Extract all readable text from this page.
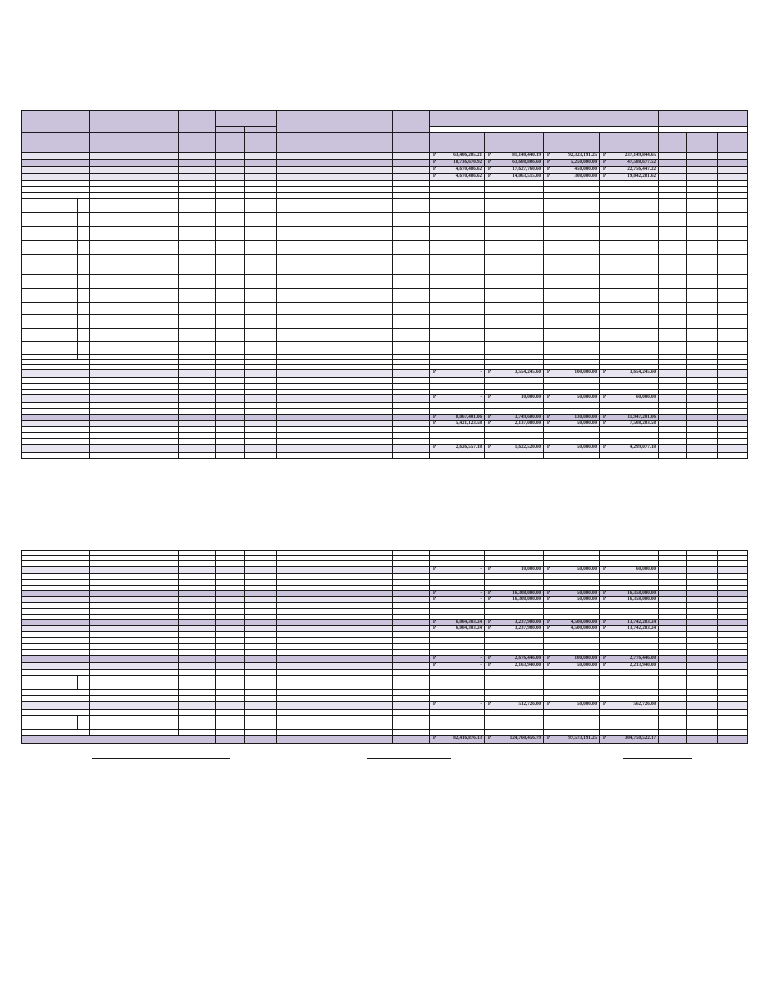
								P 63,406,205.21	P 81,140,440.19	P 92,323,191.25	P 237,149,844.65			

								P 18,736,670.92	P 63,608,806.60	P 5,250,000.00	P 47,588,677.52			

								P 4,670,486.62	P 17,627,760.60	P 450,000.00	P 22,756,447.22			

								P 4,670,486.62	P 14,063,515.00	P 308,000.00	P 19,042,281.62			

								P -	P 3,554,245.60	P 100,000.00	P 3,654,245.60			

								P -	P 10,000.00	P 50,000.00	P 60,000.00			

								P 8,067,401.06	P 3,749,600.00	P 130,000.00	P 11,947,201.06			

								P 5,421,123.58	P 2,137,080.00	P 50,000.00	P 7,508,203.58			

								P 2,626,557.18	P 1,622,520.00	P 50,000.00	P 4,299,077.18			

								P -	P 10,000.00	P 50,000.00	P 60,000.00			

								P -	P 16,308,000.00	P 50,000.00	P 16,358,000.00			

								P -	P 16,308,000.00	P 50,000.00	P 16,358,000.00			

								P 6,004,303.24	P 3,237,980.00	P 4,500,000.00	P 13,742,283.24			

								P 6,004,303.24	P 3,237,980.00	P 4,500,000.00	P 13,742,283.24			

								P -	P 2,676,446.00	P 100,000.00	P 2,776,446.00			

								P -	P 2,163,940.00	P 50,000.00	P 2,213,940.00			

								P -	P 512,726.00	P 50,000.00	P 562,726.00			

								P 82,416,876.13	P 124,760,456.79	P 97,573,191.25	P 304,750,522.17			
